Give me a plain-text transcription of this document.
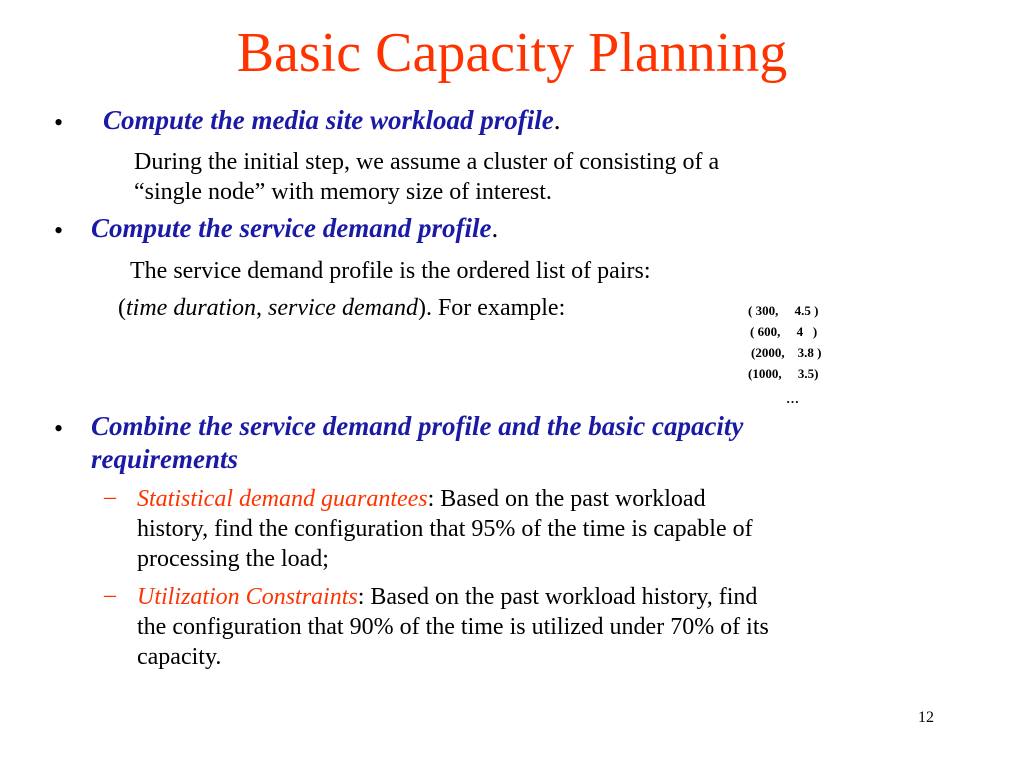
Basic Capacity Planning
• Compute the media site workload profile.
During the initial step, we assume a cluster of consisting of a
“single node” with memory size of interest.
• Compute the service demand profile.
The service demand profile is the ordered list of pairs:
(time duration, service demand). For example:	( 300,     4.5 )
( 600,     4   )
(2000,    3.8 )
(1000,     3.5)
…
• Combine the service demand profile and the basic capacity
requirements
– Statistical demand guarantees: Based on the past workload
history, find the configuration that 95% of the time is capable of
processing the load;
– Utilization Constraints: Based on the past workload history, find
the configuration that 90% of the time is utilized under 70% of its
capacity.
12
